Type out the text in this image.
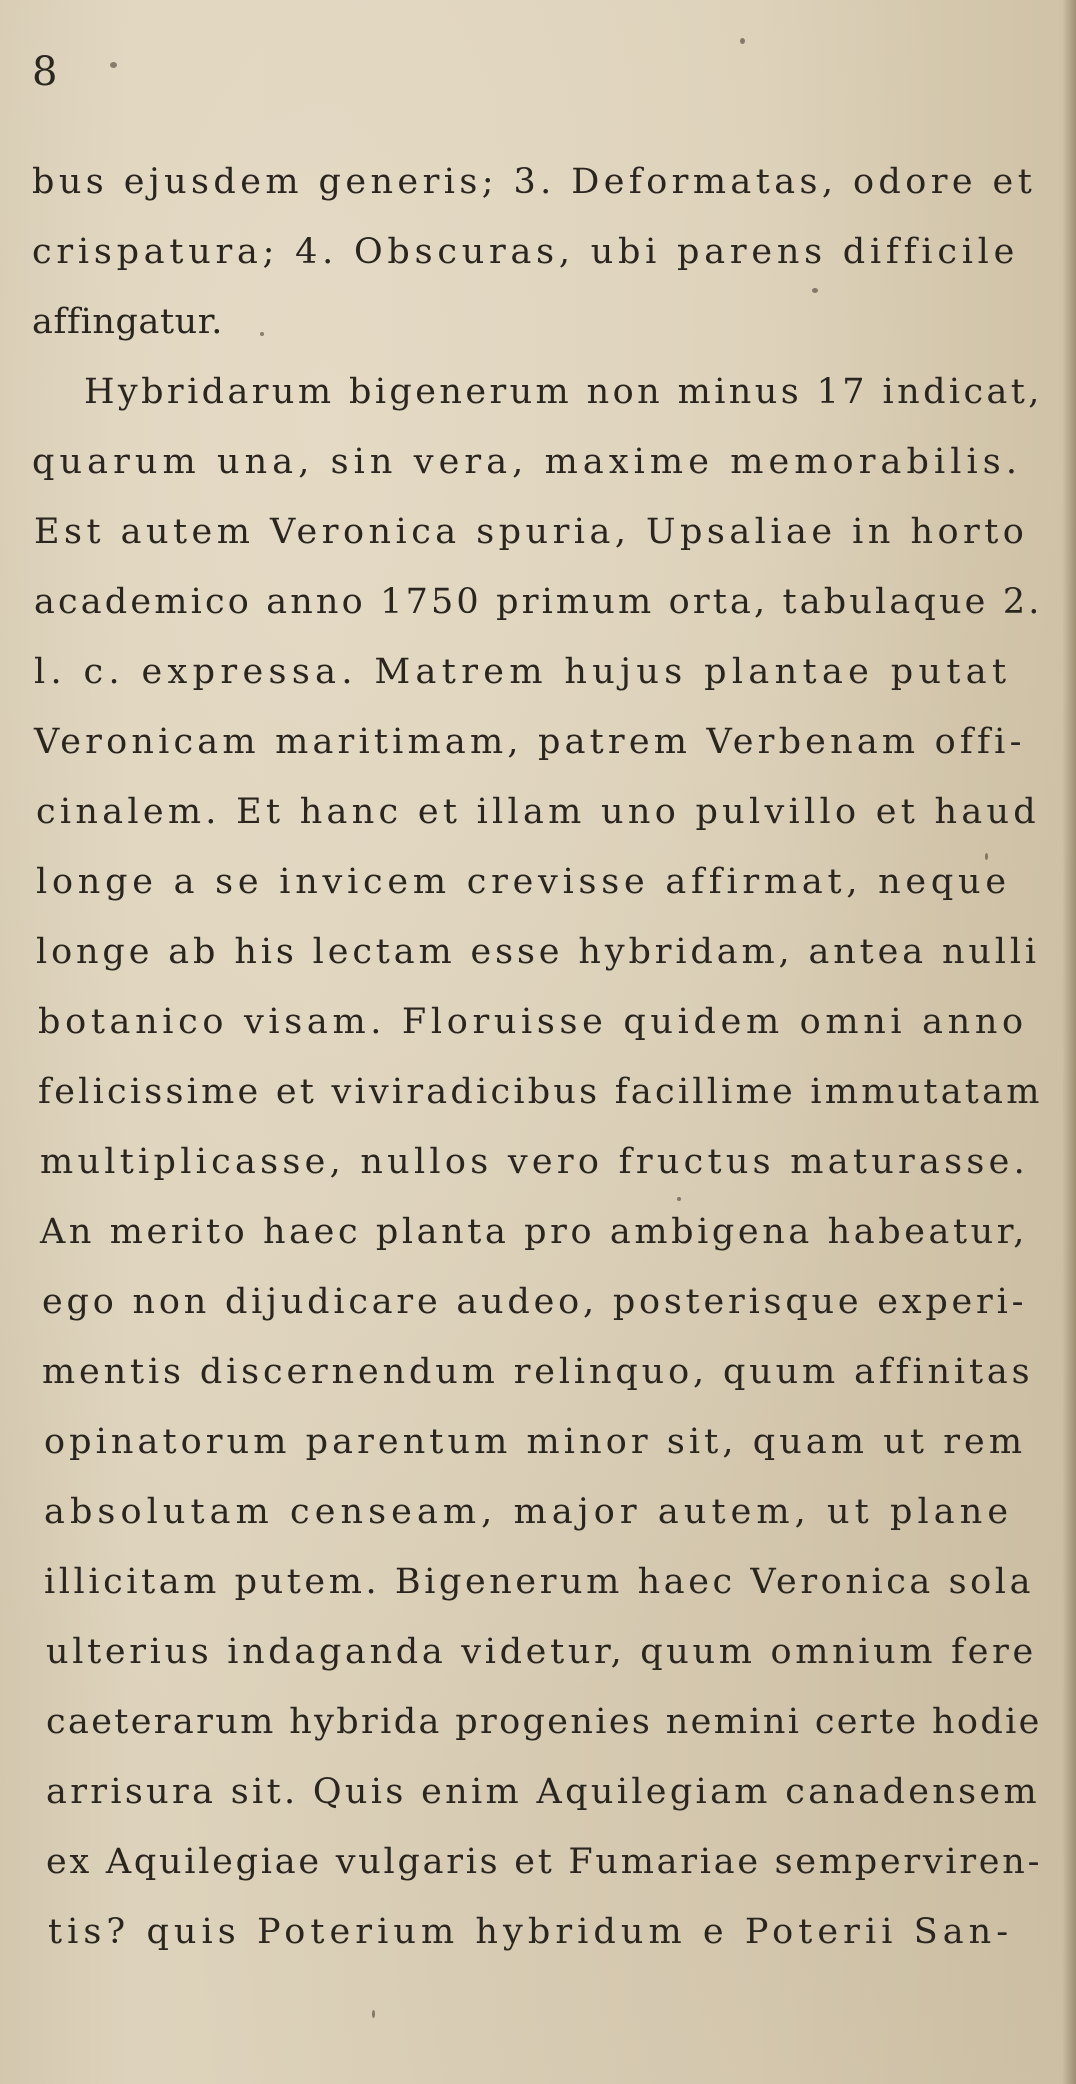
8
bus ejusdem generis; 3. Deformatas, odore et
crispatura; 4. Obscuras, ubi parens difficile
affingatur.
Hybridarum bigenerum non minus 17 indicat,
quarum una, sin vera, maxime memorabilis.
Est autem Veronica spuria, Upsaliae in horto
academico anno 1750 primum orta, tabulaque 2.
l. c. expressa. Matrem hujus plantae putat
Veronicam maritimam, patrem Verbenam offi-
cinalem. Et hanc et illam uno pulvillo et haud
longe a se invicem crevisse affirmat, neque
longe ab his lectam esse hybridam, antea nulli
botanico visam. Floruisse quidem omni anno
felicissime et viviradicibus facillime immutatam
multiplicasse, nullos vero fructus maturasse.
An merito haec planta pro ambigena habeatur,
ego non dijudicare audeo, posterisque experi-
mentis discernendum relinquo, quum affinitas
opinatorum parentum minor sit, quam ut rem
absolutam censeam, major autem, ut plane
illicitam putem. Bigenerum haec Veronica sola
ulterius indaganda videtur, quum omnium fere
caeterarum hybrida progenies nemini certe hodie
arrisura sit. Quis enim Aquilegiam canadensem
ex Aquilegiae vulgaris et Fumariae semperviren-
tis? quis Poterium hybridum e Poterii San-
